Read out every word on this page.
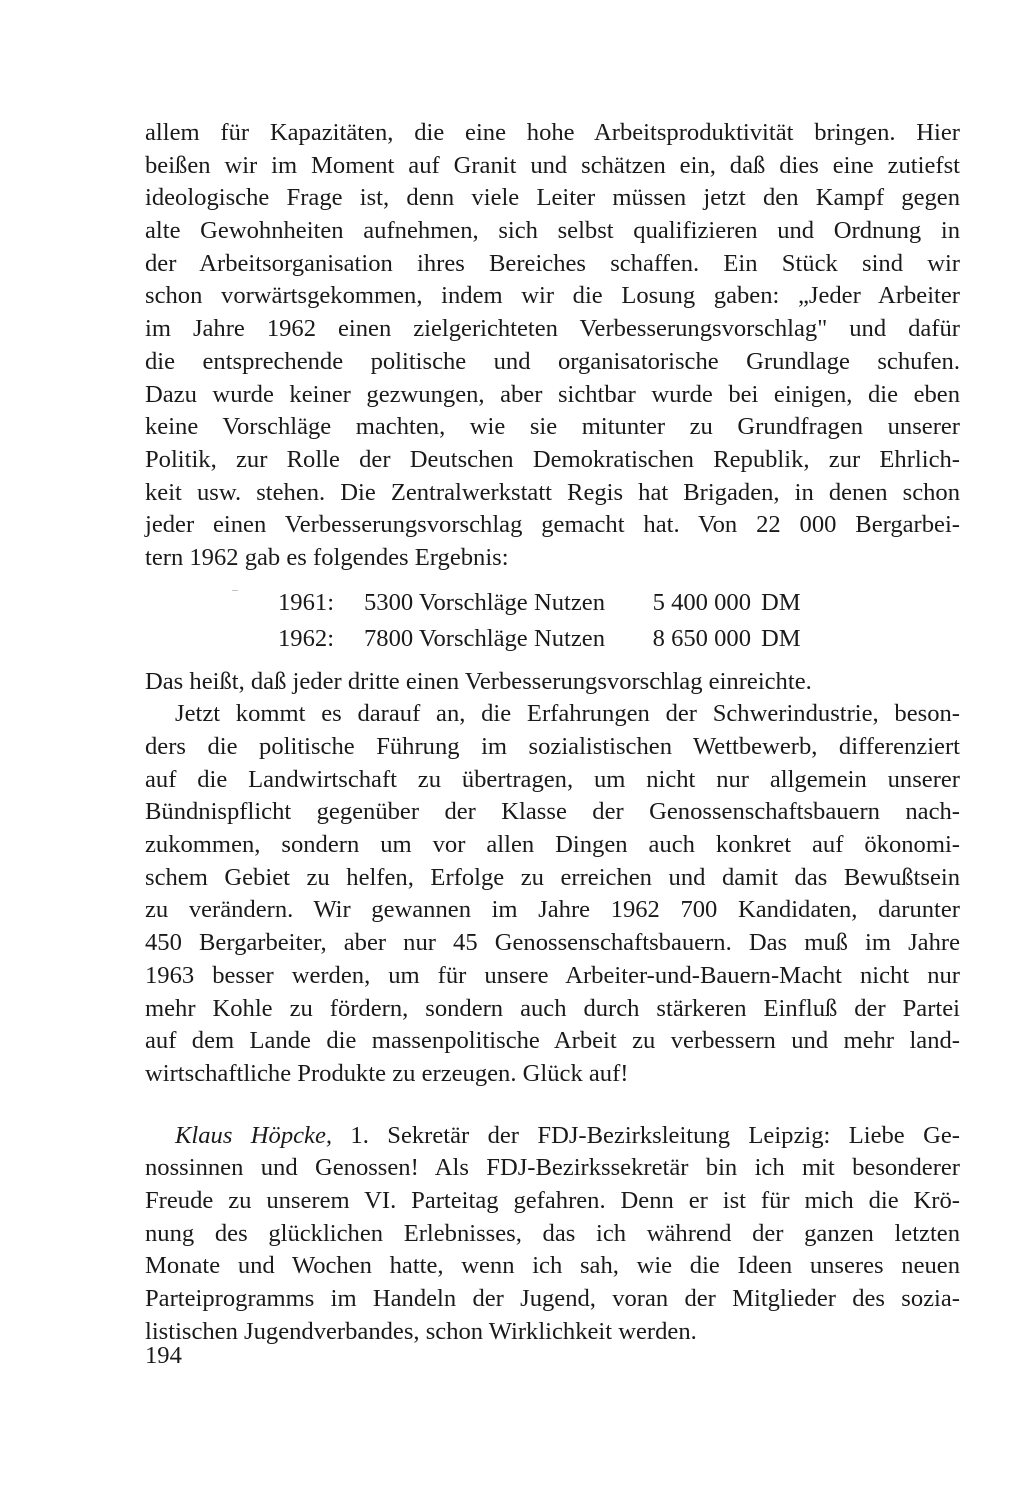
allem für Kapazitäten, die eine hohe Arbeitsproduktivität bringen. Hier
beißen wir im Moment auf Granit und schätzen ein, daß dies eine zutiefst
ideologische Frage ist, denn viele Leiter müssen jetzt den Kampf gegen
alte Gewohnheiten aufnehmen, sich selbst qualifizieren und Ordnung in
der Arbeitsorganisation ihres Bereiches schaffen. Ein Stück sind wir
schon vorwärtsgekommen, indem wir die Losung gaben: „Jeder Arbeiter
im Jahre 1962 einen zielgerichteten Verbesserungsvorschlag" und dafür
die entsprechende politische und organisatorische Grundlage schufen.
Dazu wurde keiner gezwungen, aber sichtbar wurde bei einigen, die eben
keine Vorschläge machten, wie sie mitunter zu Grundfragen unserer
Politik, zur Rolle der Deutschen Demokratischen Republik, zur Ehrlich-
keit usw. stehen. Die Zentralwerkstatt Regis hat Brigaden, in denen schon
jeder einen Verbesserungsvorschlag gemacht hat. Von 22 000 Bergarbei-
tern 1962 gab es folgendes Ergebnis:
1961:	5300 Vorschläge Nutzen	5 400 000 DM
1962:	7800 Vorschläge Nutzen	8 650 000 DM
Das heißt, daß jeder dritte einen Verbesserungsvorschlag einreichte.
Jetzt kommt es darauf an, die Erfahrungen der Schwerindustrie, beson-
ders die politische Führung im sozialistischen Wettbewerb, differenziert
auf die Landwirtschaft zu übertragen, um nicht nur allgemein unserer
Bündnispflicht gegenüber der Klasse der Genossenschaftsbauern nach-
zukommen, sondern um vor allen Dingen auch konkret auf ökonomi-
schem Gebiet zu helfen, Erfolge zu erreichen und damit das Bewußtsein
zu verändern. Wir gewannen im Jahre 1962 700 Kandidaten, darunter
450 Bergarbeiter, aber nur 45 Genossenschaftsbauern. Das muß im Jahre
1963 besser werden, um für unsere Arbeiter-und-Bauern-Macht nicht nur
mehr Kohle zu fördern, sondern auch durch stärkeren Einfluß der Partei
auf dem Lande die massenpolitische Arbeit zu verbessern und mehr land-
wirtschaftliche Produkte zu erzeugen. Glück auf!
Klaus Höpcke, 1. Sekretär der FDJ-Bezirksleitung Leipzig: Liebe Ge-
nossinnen und Genossen! Als FDJ-Bezirkssekretär bin ich mit besonderer
Freude zu unserem VI. Parteitag gefahren. Denn er ist für mich die Krö-
nung des glücklichen Erlebnisses, das ich während der ganzen letzten
Monate und Wochen hatte, wenn ich sah, wie die Ideen unseres neuen
Parteiprogramms im Handeln der Jugend, voran der Mitglieder des sozia-
listischen Jugendverbandes, schon Wirklichkeit werden.
194
–
